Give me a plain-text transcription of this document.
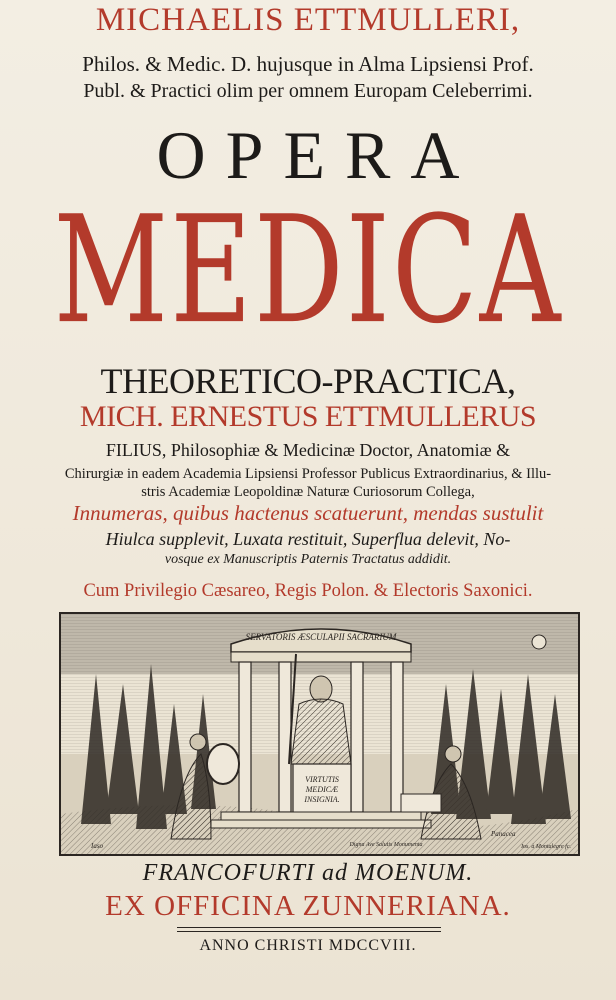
MICHAELIS ETTMULLERI,
Philos. & Medic. D. hujusque in Alma Lipsiensi Prof.
Publ. & Practici olim per omnem Europam Celeberrimi.
OPERA
MEDICA
THEORETICO-PRACTICA,
MICH. ERNESTUS ETTMULLERUS
FILIUS, Philosophiæ & Medicinæ Doctor, Anatomiæ &
Chirurgiæ in eadem Academia Lipsiensi Professor Publicus Extraordinarius, & Illu-
stris Academiæ Leopoldinæ Naturæ Curiosorum Collega,
Innumeras, quibus hactenus scatuerunt, mendas sustulit
Hiulca supplevit, Luxata restituit, Superflua delevit, No-
vosque ex Manuscriptis Paternis Tractatus addidit.
Cum Privilegio Cæsareo, Regis Polon. & Electoris Saxonici.
SERVATORIS ÆSCULAPII SACRARIUM
VIRTUTIS
MEDICÆ
INSIGNIA.
Digna Ave Salutis Monumenta
Iaso
Panacea
Ios. à Montalegre fc.
FRANCOFURTI ad MOENUM.
EX OFFICINA ZUNNERIANA.
ANNO CHRISTI MDCCVIII.
